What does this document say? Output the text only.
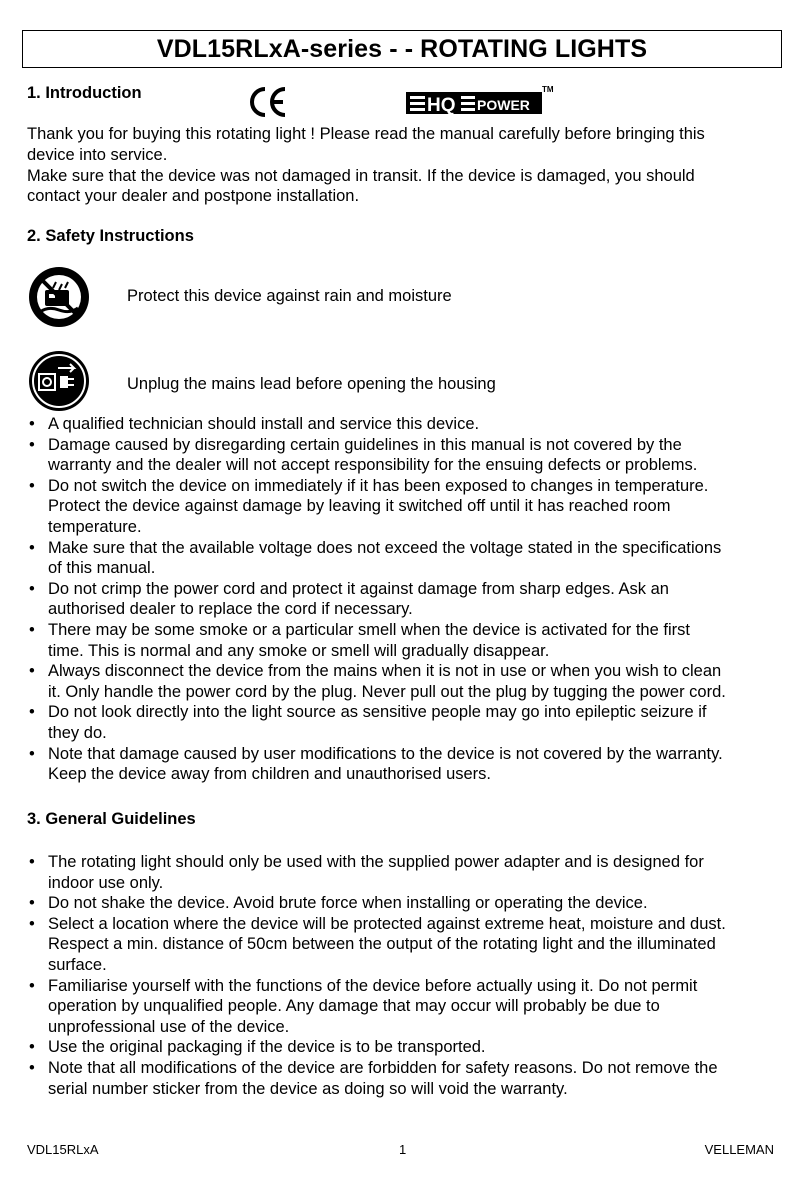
VDL15RLxA-series - - ROTATING LIGHTS
1. Introduction
HQ POWER
TM
Thank you for buying this rotating light ! Please read the manual carefully before bringing this
device into service.
Make sure that the device was not damaged in transit. If the device is damaged, you should
contact your dealer and postpone installation.
2. Safety Instructions
Protect this device against rain and moisture
Unplug the mains lead before opening the housing
• A qualified technician should install and service this device.
• Damage caused by disregarding certain guidelines in this manual is not covered by the
warranty and the dealer will not accept responsibility for the ensuing defects or problems.
• Do not switch the device on immediately if it has been exposed to changes in temperature.
Protect the device against damage by leaving it switched off until it has reached room
temperature.
• Make sure that the available voltage does not exceed the voltage stated in the specifications
of this manual.
• Do not crimp the power cord and protect it against damage from sharp edges. Ask an
authorised dealer to replace the cord if necessary.
• There may be some smoke or a particular smell when the device is activated for the first
time. This is normal and any smoke or smell will gradually disappear.
• Always disconnect the device from the mains when it is not in use or when you wish to clean
it. Only handle the power cord by the plug. Never pull out the plug by tugging the power cord.
• Do not look directly into the light source as sensitive people may go into epileptic seizure if
they do.
• Note that damage caused by user modifications to the device is not covered by the warranty.
Keep the device away from children and unauthorised users.
3. General Guidelines
• The rotating light should only be used with the supplied power adapter and is designed for
indoor use only.
• Do not shake the device. Avoid brute force when installing or operating the device.
• Select a location where the device will be protected against extreme heat, moisture and dust.
Respect a min. distance of 50cm between the output of the rotating light and the illuminated
surface.
• Familiarise yourself with the functions of the device before actually using it. Do not permit
operation by unqualified people. Any damage that may occur will probably be due to
unprofessional use of the device.
• Use the original packaging if the device is to be transported.
• Note that all modifications of the device are forbidden for safety reasons. Do not remove the
serial number sticker from the device as doing so will void the warranty.
VDL15RLxA	1	VELLEMAN
